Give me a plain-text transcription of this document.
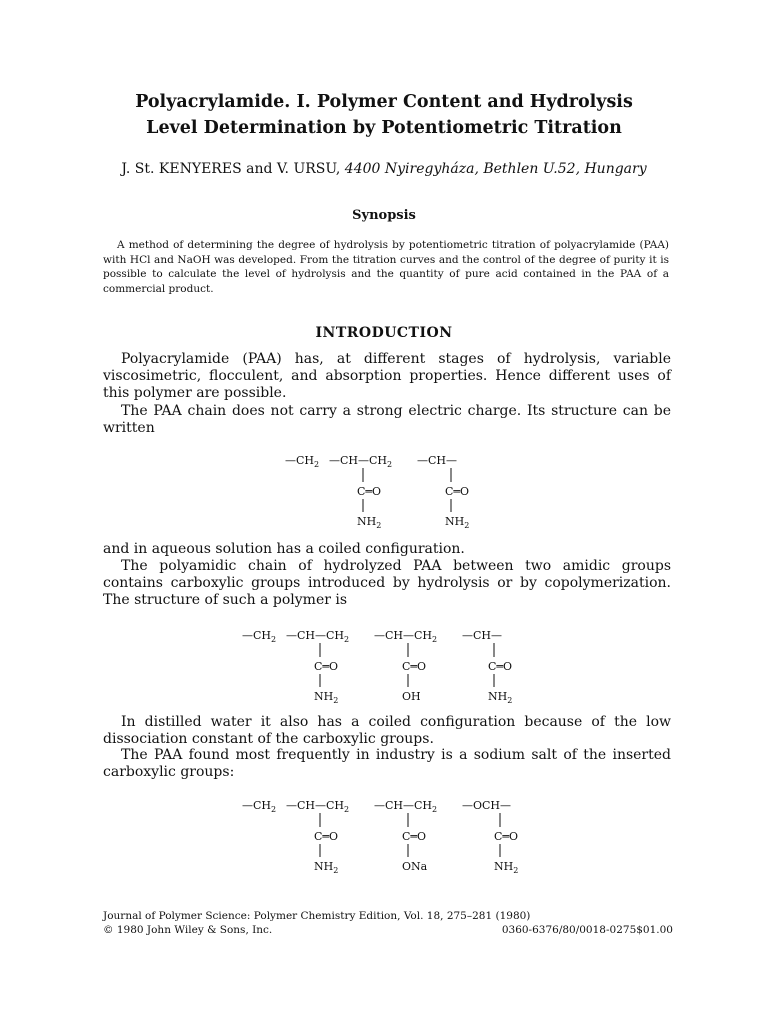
Polyacrylamide. I. Polymer Content and Hydrolysis
Level Determination by Potentiometric Titration
J. St. KENYERES and V. URSU, 4400 Nyiregyháza, Bethlen U.52, Hungary
Synopsis
A method of determining the degree of hydrolysis by potentiometric titration of polyacrylamide (PAA) with HCl and NaOH was developed. From the titration curves and the control of the degree of purity it is possible to calculate the level of hydrolysis and the quantity of pure acid contained in the PAA of a commercial product.
INTRODUCTION

Polyacrylamide (PAA) has, at different stages of hydrolysis, variable viscosimetric, flocculent, and absorption properties. Hence different uses of this polymer are possible.

The PAA chain does not carry a strong electric charge. Its structure can be written

$—CH_2$ $—CH—CH_2$ —CH—
C═O	C═O
$NH_2$	$NH_2$

and in aqueous solution has a coiled configuration.

The polyamidic chain of hydrolyzed PAA between two amidic groups contains carboxylic groups introduced by hydrolysis or by copolymerization. The structure of such a polymer is

$—CH_2$ $—CH—CH_2$ $—CH—CH_2$ —CH—
C═O	C═O	C═O
$NH_2$	OH	$NH_2$

In distilled water it also has a coiled configuration because of the low dissociation constant of the carboxylic groups.

The PAA found most frequently in industry is a sodium salt of the inserted carboxylic groups:

$—CH_2$ $—CH—CH_2$ $—CH—CH_2$ —OCH—
C═O	C═O	C═O
$NH_2$	ONa	$NH_2$
Journal of Polymer Science: Polymer Chemistry Edition, Vol. 18, 275–281 (1980)
© 1980 John Wiley & Sons, Inc.	0360-6376/80/0018-0275$01.00
